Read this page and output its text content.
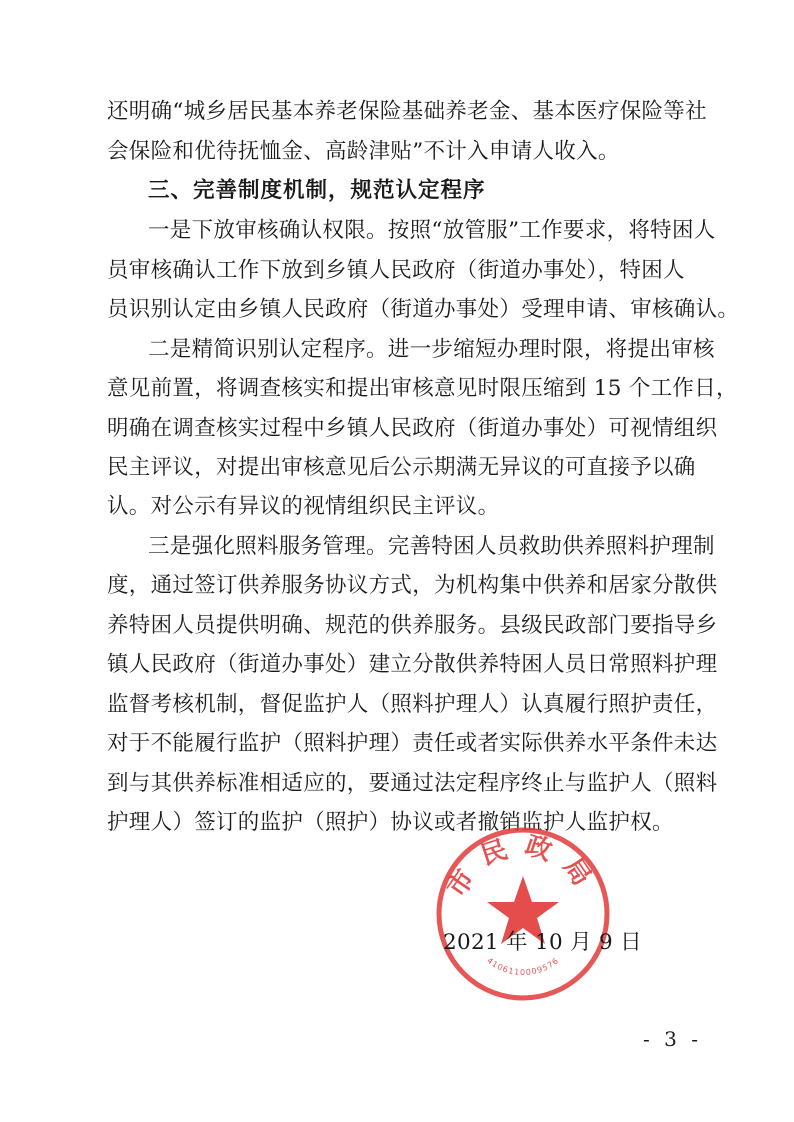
还明确“城乡居民基本养老保险基础养老金、基本医疗保险等社
会保险和优待抚恤金、高龄津贴”不计入申请人收入。
三、完善制度机制，规范认定程序
一是下放审核确认权限。按照“放管服”工作要求，将特困人
员审核确认工作下放到乡镇人民政府（街道办事处），特困人
员识别认定由乡镇人民政府（街道办事处）受理申请、审核确认。
二是精简识别认定程序。进一步缩短办理时限，将提出审核
意见前置，将调查核实和提出审核意见时限压缩到 15 个工作日，
明确在调查核实过程中乡镇人民政府（街道办事处）可视情组织
民主评议，对提出审核意见后公示期满无异议的可直接予以确
认。对公示有异议的视情组织民主评议。
三是强化照料服务管理。完善特困人员救助供养照料护理制
度，通过签订供养服务协议方式，为机构集中供养和居家分散供
养特困人员提供明确、规范的供养服务。县级民政部门要指导乡
镇人民政府（街道办事处）建立分散供养特困人员日常照料护理
监督考核机制，督促监护人（照料护理人）认真履行照护责任，
对于不能履行监护（照料护理）责任或者实际供养水平条件未达
到与其供养标准相适应的，要通过法定程序终止与监护人（照料
护理人）签订的监护（照护）协议或者撤销监护人监护权。
市民政局
4106110009576
2021 年 10 月 9 日
- 3 -
